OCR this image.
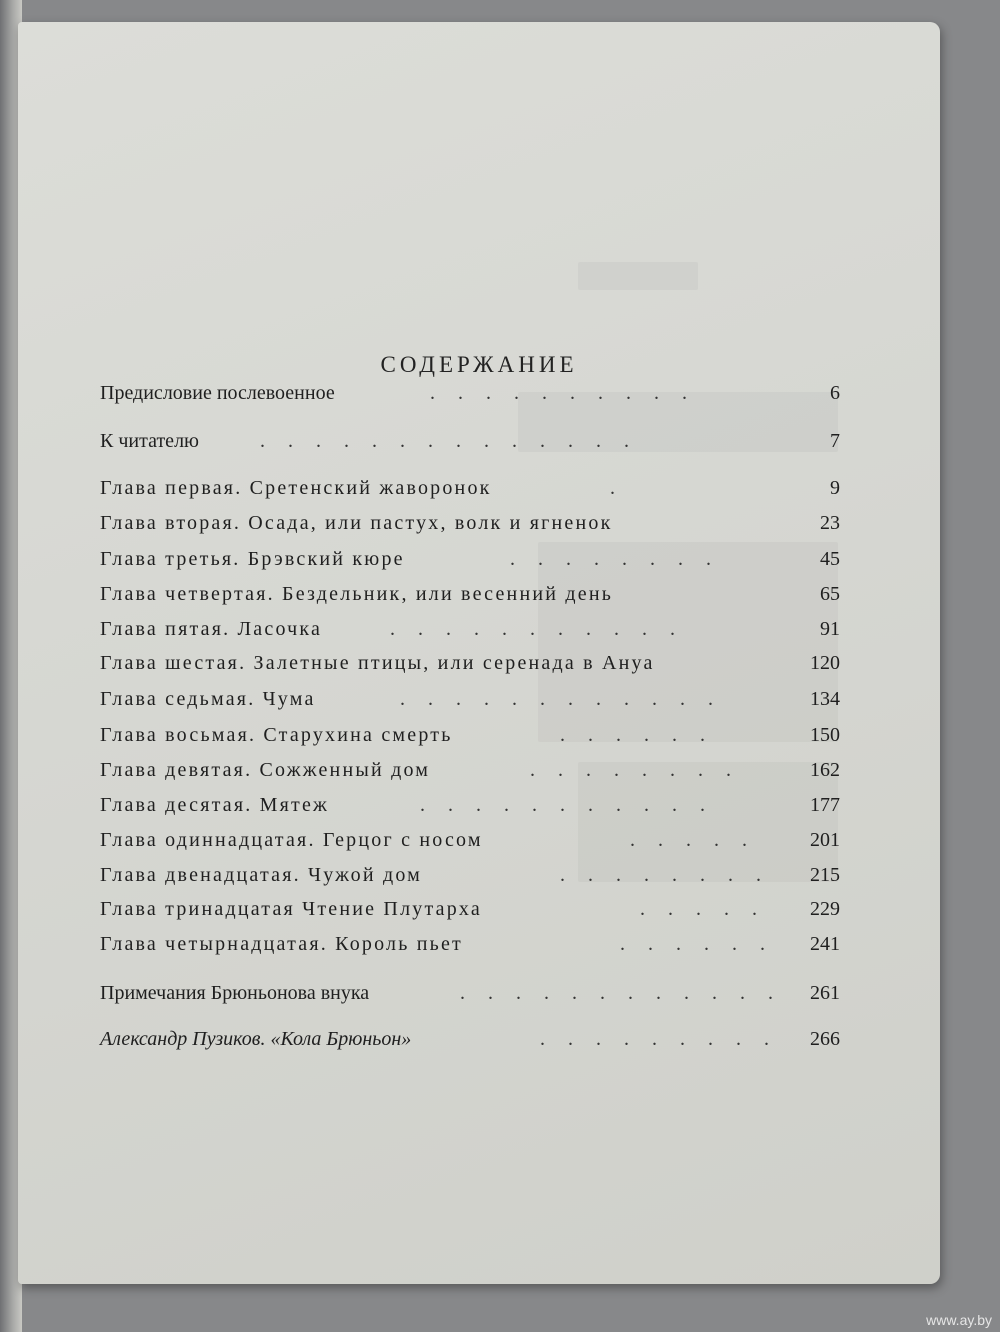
СОДЕРЖАНИЕ
Предисловие послевоенное	. . . . . . . . . .	6
К читателю	. . . . . . . . . . . . . .	7
Глава первая. Сретенский жаворонок	.	9
Глава вторая. Осада, или пастух, волк и ягненок	23
Глава третья. Брэвский кюре	. . . . . . . .	45
Глава четвертая. Бездельник, или весенний день	65
Глава пятая. Ласочка	. . . . . . . . . . .	91
Глава шестая. Залетные птицы, или серенада в Ануа	120
Глава седьмая. Чума	. . . . . . . . . . . .	134
Глава восьмая. Старухина смерть	. . . . . .	150
Глава девятая. Сожженный дом	. . . . . . . .	162
Глава десятая. Мятеж	. . . . . . . . . . .	177
Глава одиннадцатая. Герцог с носом	. . . . .	201
Глава двенадцатая. Чужой дом	. . . . . . . . 215
Глава тринадцатая Чтение Плутарха	. . . . . 229
Глава четырнадцатая. Король пьет	. . . . . . 241
Примечания Брюньонова внука	. . . . . . . . . . . . 261
Александр Пузиков. «Кола Брюньон»	. . . . . . . . . 266
www.ay.by
